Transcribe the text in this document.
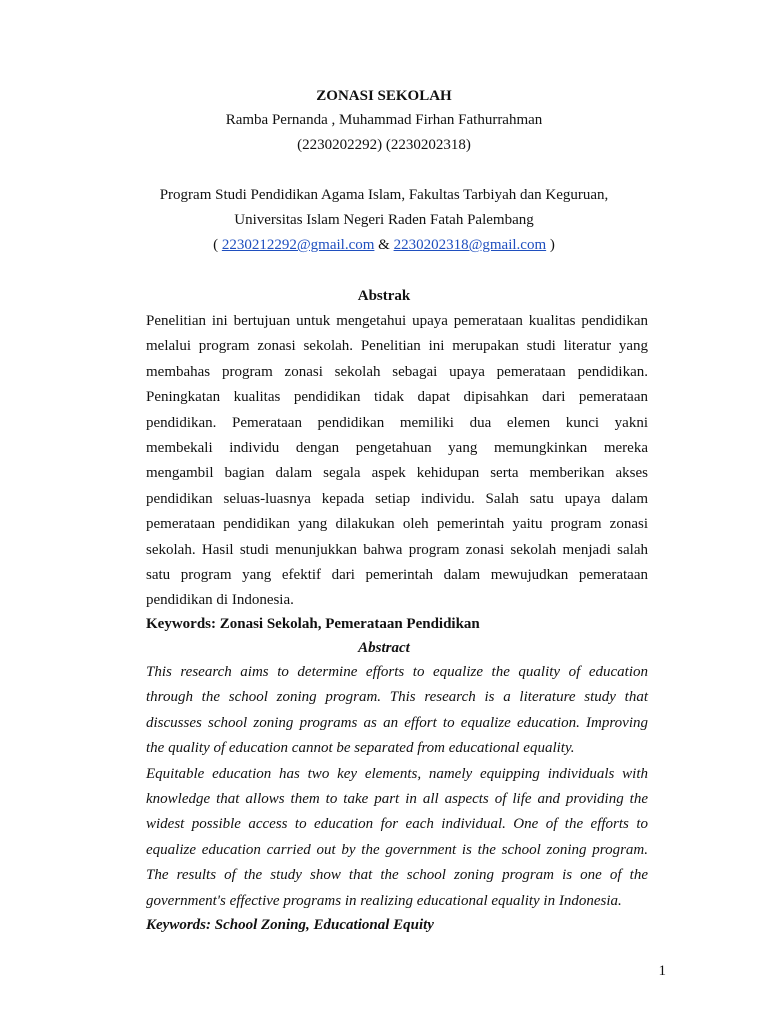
ZONASI SEKOLAH
Ramba Pernanda , Muhammad Firhan Fathurrahman
(2230202292) (2230202318)
Program Studi Pendidikan Agama Islam, Fakultas Tarbiyah dan Keguruan,
Universitas Islam Negeri Raden Fatah Palembang
( 2230212292@gmail.com & 2230202318@gmail.com )
Abstrak
Penelitian ini bertujuan untuk mengetahui upaya pemerataan kualitas pendidikan
melalui program zonasi sekolah. Penelitian ini merupakan studi literatur yang
membahas program zonasi sekolah sebagai upaya pemerataan pendidikan.
Peningkatan kualitas pendidikan tidak dapat dipisahkan dari pemerataan
pendidikan. Pemerataan pendidikan memiliki dua elemen kunci yakni
membekali individu dengan pengetahuan yang memungkinkan mereka
mengambil bagian dalam segala aspek kehidupan serta memberikan akses
pendidikan seluas-luasnya kepada setiap individu. Salah satu upaya dalam
pemerataan pendidikan yang dilakukan oleh pemerintah yaitu program zonasi
sekolah. Hasil studi menunjukkan bahwa program zonasi sekolah menjadi salah
satu program yang efektif dari pemerintah dalam mewujudkan pemerataan
pendidikan di Indonesia.
Keywords: Zonasi Sekolah, Pemerataan Pendidikan
Abstract
This research aims to determine efforts to equalize the quality of education
through the school zoning program. This research is a literature study that
discusses school zoning programs as an effort to equalize education. Improving
the quality of education cannot be separated from educational equality.
Equitable education has two key elements, namely equipping individuals with
knowledge that allows them to take part in all aspects of life and providing the
widest possible access to education for each individual. One of the efforts to
equalize education carried out by the government is the school zoning program.
The results of the study show that the school zoning program is one of the
government's effective programs in realizing educational equality in Indonesia.
Keywords: School Zoning, Educational Equity
1
